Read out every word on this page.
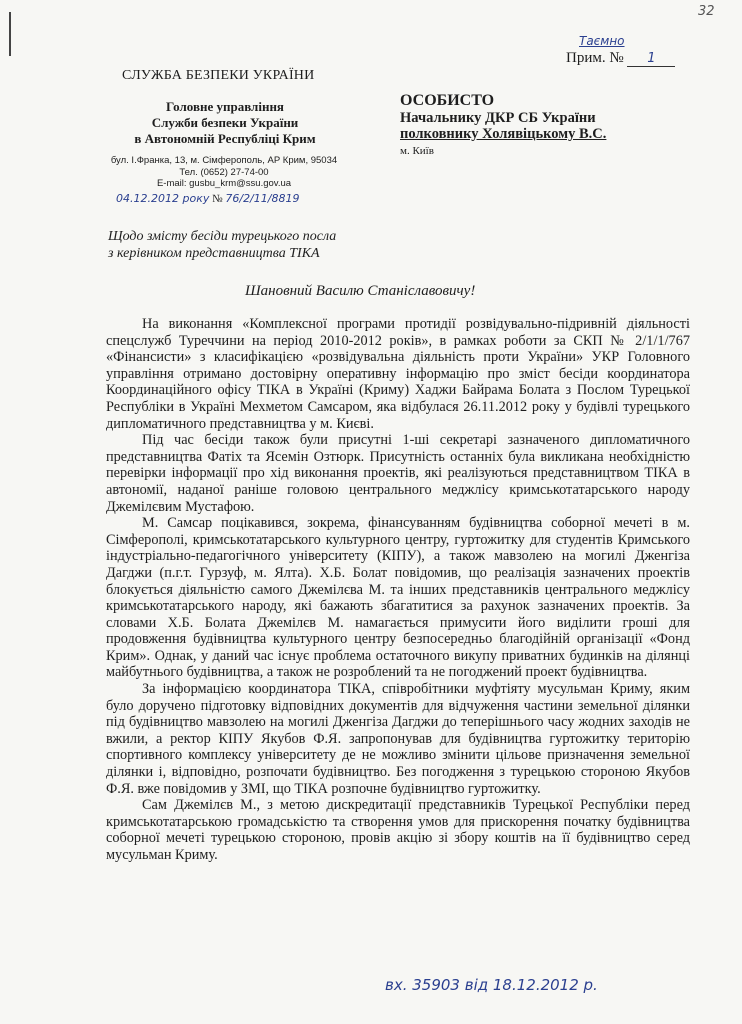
32
Таємно
Прим. № 1
СЛУЖБА БЕЗПЕКИ УКРАЇНИ
Головне управління
Служби безпеки України
в Автономній Республіці Крим
бул. І.Франка, 13, м. Сімферополь, АР Крим, 95034
Тел. (0652) 27-74-00
E-mail: gusbu_krm@ssu.gov.ua
04.12.2012 року № 76/2/11/8819
Щодо змісту бесіди турецького посла
з керівником представництва ТІКА
ОСОБИСТО
Начальнику ДКР СБ України
полковнику Холявіцькому В.С.
м. Київ
Шановний Василю Станіславовичу!

На виконання «Комплексної програми протидії розвідувально-підривній діяльності спецслужб Туреччини на період 2010-2012 років», в рамках роботи за СКП № 2/1/1/767 «Фінансисти» з класифікацією «розвідувальна діяльність проти України» УКР Головного управління отримано достовірну оперативну інформацію про зміст бесіди координатора Координаційного офісу ТІКА в Україні (Криму) Хаджи Байрама Болата з Послом Турецької Республіки в Україні Мехметом Самсаром, яка відбулася 26.11.2012 року у будівлі турецького дипломатичного представництва у м. Києві.

Під час бесіди також були присутні 1-ші секретарі зазначеного дипломатичного представництва Фатіх та Ясемін Озтюрк. Присутність останніх була викликана необхідністю перевірки інформації про хід виконання проектів, які реалізуються представництвом ТІКА в автономії, наданої раніше головою центрального меджлісу кримськотатарського народу Джемілєвим Мустафою.

М. Самсар поцікавився, зокрема, фінансуванням будівництва соборної мечеті в м. Сімферополі, кримськотатарського культурного центру, гуртожитку для студентів Кримського індустріально-педагогічного університету (КІПУ), а також мавзолею на могилі Дженгіза Дагджи (п.г.т. Гурзуф, м. Ялта). Х.Б. Болат повідомив, що реалізація зазначених проектів блокується діяльністю самого Джемілєва М. та інших представників центрального меджлісу кримськотатарського народу, які бажають збагатитися за рахунок зазначених проектів. За словами Х.Б. Болата Джемілєв М. намагається примусити його виділити гроші для продовження будівництва культурного центру безпосередньо благодійній організації «Фонд Крим». Однак, у даний час існує проблема остаточного викупу приватних будинків на ділянці майбутнього будівництва, а також не розроблений та не погоджений проект будівництва.

За інформацією координатора ТІКА, співробітники муфтіяту мусульман Криму, яким було доручено підготовку відповідних документів для відчуження частини земельної ділянки під будівництво мавзолею на могилі Дженгіза Дагджи до теперішнього часу жодних заходів не вжили, а ректор КІПУ Якубов Ф.Я. запропонував для будівництва гуртожитку територію спортивного комплексу університету де не можливо змінити цільове призначення земельної ділянки і, відповідно, розпочати будівництво. Без погодження з турецькою стороною Якубов Ф.Я. вже повідомив у ЗМІ, що ТІКА розпочне будівництво гуртожитку.

Сам Джемілєв М., з метою дискредитації представників Турецької Республіки перед кримськотатарською громадськістю та створення умов для прискорення початку будівництва соборної мечеті турецькою стороною, провів акцію зі збору коштів на її будівництво серед мусульман Криму.

вх. 35903 від 18.12.2012 р.
